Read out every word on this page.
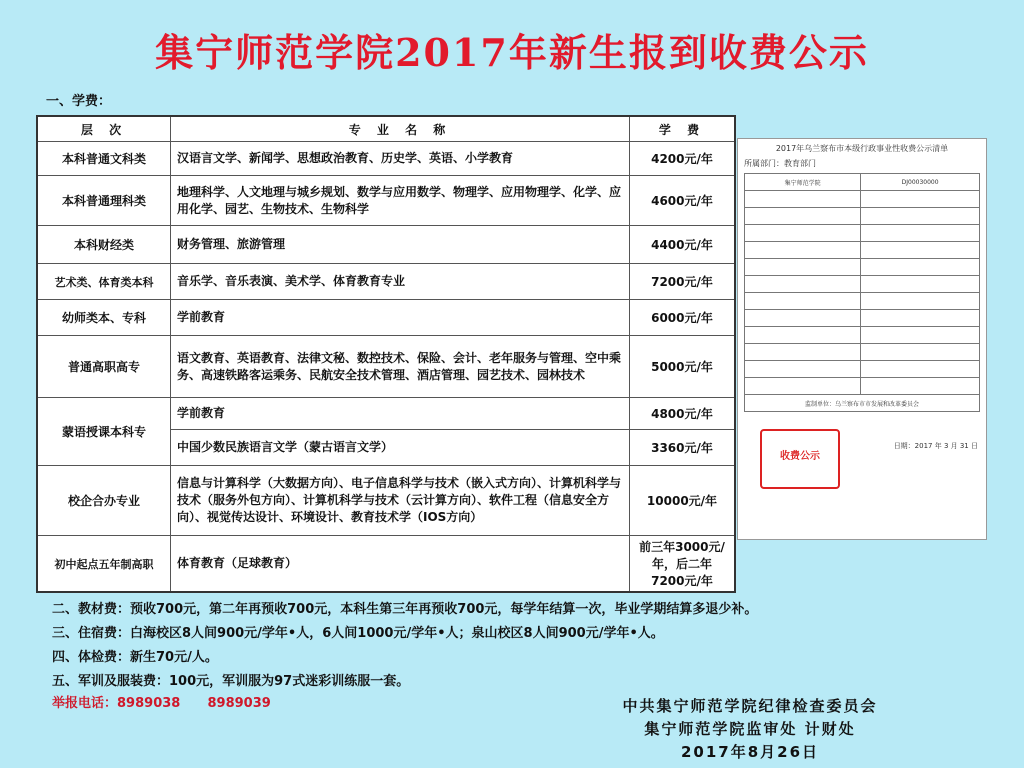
集宁师范学院2017年新生报到收费公示
一、学费：
层 次	专 业 名 称	学 费
本科普通文科类	汉语言文学、新闻学、思想政治教育、历史学、英语、小学教育	4200元/年
本科普通理科类	地理科学、人文地理与城乡规划、数学与应用数学、物理学、应用物理学、化学、应用化学、园艺、生物技术、生物科学	4600元/年
本科财经类	财务管理、旅游管理	4400元/年
艺术类、体育类本科	音乐学、音乐表演、美术学、体育教育专业	7200元/年
幼师类本、专科	学前教育	6000元/年
普通高职高专	语文教育、英语教育、法律文秘、数控技术、保险、会计、老年服务与管理、空中乘务、高速铁路客运乘务、民航安全技术管理、酒店管理、园艺技术、园林技术	5000元/年
蒙语授课本科专	学前教育	4800元/年
	中国少数民族语言文学（蒙古语言文学）	3360元/年
校企合办专业	信息与计算科学（大数据方向）、电子信息科学与技术（嵌入式方向）、计算机科学与技术（服务外包方向）、计算机科学与技术（云计算方向）、软件工程（信息安全方向）、视觉传达设计、环境设计、教育技术学（IOS方向）	10000元/年
初中起点五年制高职	体育教育（足球教育）	前三年3000元/年，后二年7200元/年
2017年乌兰察布市本级行政事业性收费公示清单
所属部门：教育部门
集宁师范学院	DJ00030000

监制单位：乌兰察布市市发展和改革委员会	
收费公示
日期：2017 年 3 月 31 日
二、教材费：预收700元，第二年再预收700元，本科生第三年再预收700元，每学年结算一次，毕业学期结算多退少补。
三、住宿费：白海校区8人间900元/学年•人，6人间1000元/学年•人；泉山校区8人间900元/学年•人。
四、体检费：新生70元/人。
五、军训及服装费：100元，军训服为97式迷彩训练服一套。
举报电话：8989038      8989039	中共集宁师范学院纪律检查委员会
集宁师范学院监审处 计财处
2017年8月26日
